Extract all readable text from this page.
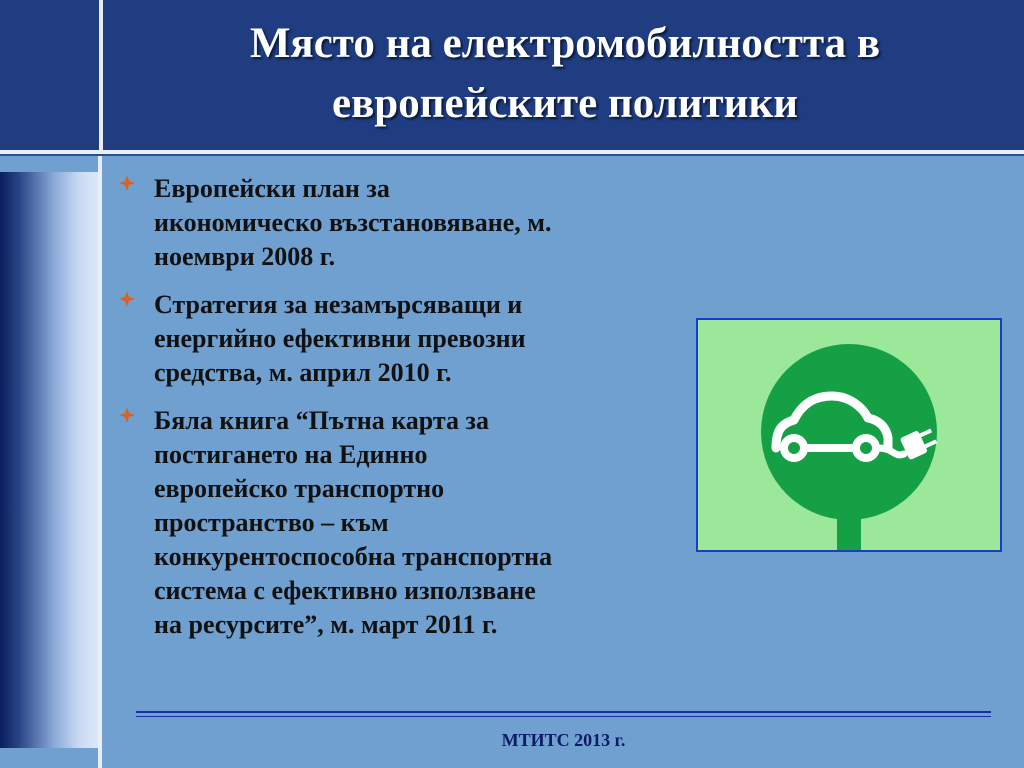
Място на електромобилността в
европейските политики
Европейски план за
икономическо възстановяване, м.
ноември 2008 г.
Стратегия за незамърсяващи и
енергийно ефективни превозни
средства, м. април 2010 г.
Бяла книга “Пътна карта за
постигането на Единно
европейско транспортно
пространство – към
конкурентоспособна транспортна
система с ефективно използване
на ресурсите”, м. март 2011 г.
МТИТС 2013 г.
